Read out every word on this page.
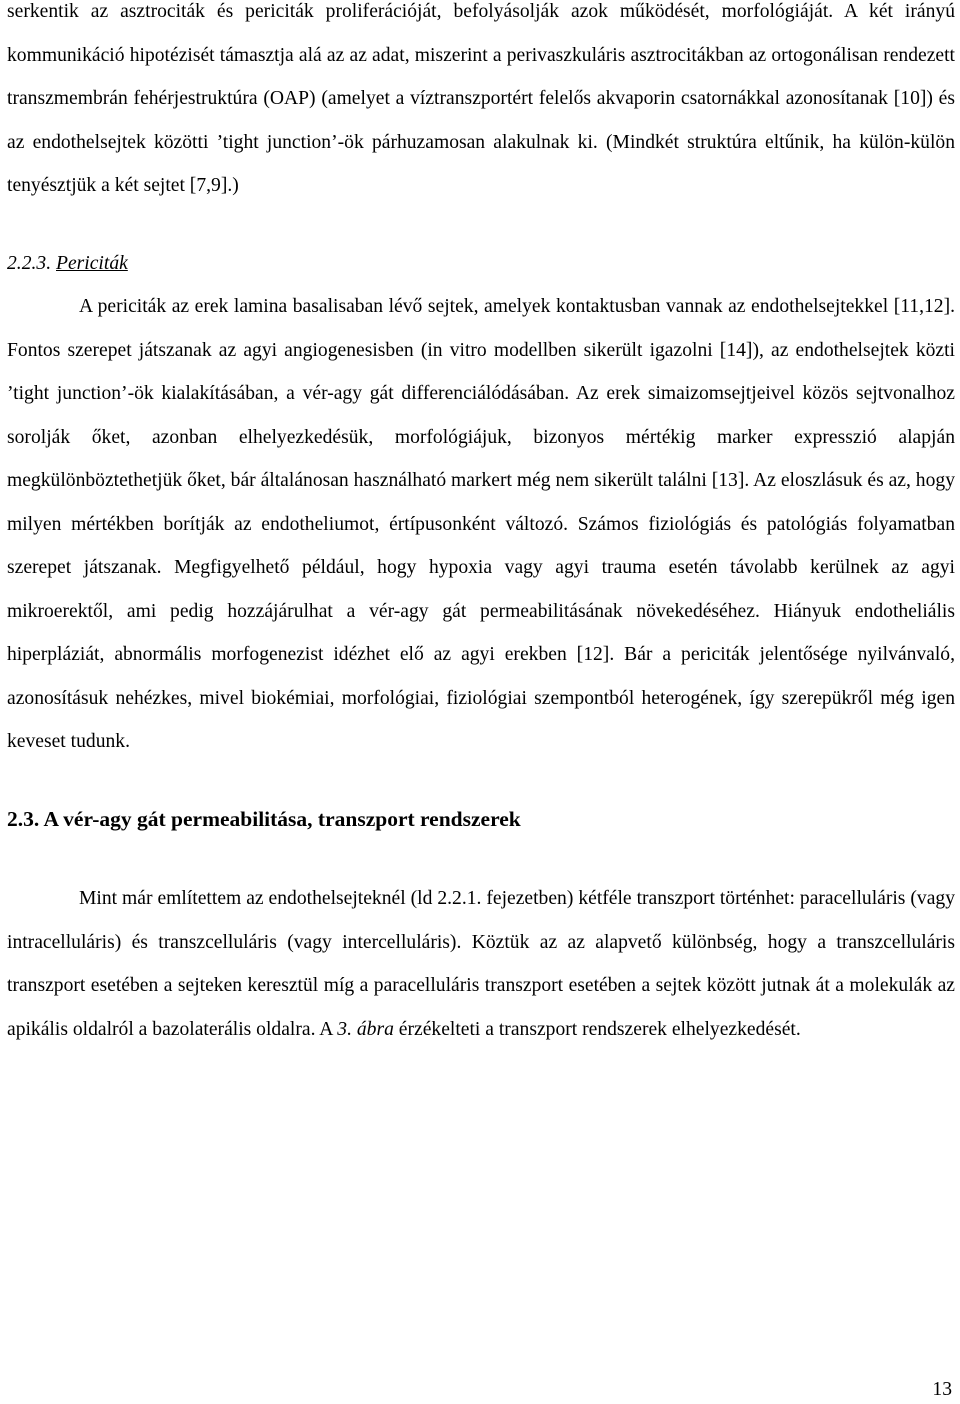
serkentik az asztrociták és periciták proliferációját, befolyásolják azok működését, morfológiáját. A két irányú kommunikáció hipotézisét támasztja alá az az adat, miszerint a perivaszkuláris asztrocitákban az ortogonálisan rendezett transzmembrán fehérjestruktúra (OAP) (amelyet a víztranszportért felelős akvaporin csatornákkal azonosítanak [10]) és az endothelsejtek közötti ’tight junction’-ök párhuzamosan alakulnak ki. (Mindkét struktúra eltűnik, ha külön-külön tenyésztjük a két sejtet [7,9].)

2.2.3. Periciták

A periciták az erek lamina basalisaban lévő sejtek, amelyek kontaktusban vannak az endothelsejtekkel [11,12]. Fontos szerepet játszanak az agyi angiogenesisben (in vitro modellben sikerült igazolni [14]), az endothelsejtek közti ’tight junction’-ök kialakításában, a vér-agy gát differenciálódásában. Az erek simaizomsejtjeivel közös sejtvonalhoz sorolják őket, azonban elhelyezkedésük, morfológiájuk, bizonyos mértékig marker expresszió alapján megkülönböztethetjük őket, bár általánosan használható markert még nem sikerült találni [13]. Az eloszlásuk és az, hogy milyen mértékben borítják az endotheliumot, értípusonként változó. Számos fiziológiás és patológiás folyamatban szerepet játszanak. Megfigyelhető például, hogy hypoxia vagy agyi trauma esetén távolabb kerülnek az agyi mikroerektől, ami pedig hozzájárulhat a vér-agy gát permeabilitásának növekedéséhez. Hiányuk endotheliális hiperpláziát, abnormális morfogenezist idézhet elő az agyi erekben [12]. Bár a periciták jelentősége nyilvánvaló, azonosításuk nehézkes, mivel biokémiai, morfológiai, fiziológiai szempontból heterogének, így szerepükről még igen keveset tudunk.

2.3. A vér-agy gát permeabilitása, transzport rendszerek

Mint már említettem az endothelsejteknél (ld 2.2.1. fejezetben) kétféle transzport történhet: paracelluláris (vagy intracelluláris) és transzcelluláris (vagy intercelluláris). Köztük az az alapvető különbség, hogy a transzcelluláris transzport esetében a sejteken keresztül míg a paracelluláris transzport esetében a sejtek között jutnak át a molekulák az apikális oldalról a bazolaterális oldalra. A 3. ábra érzékelteti a transzport rendszerek elhelyezkedését.

13
